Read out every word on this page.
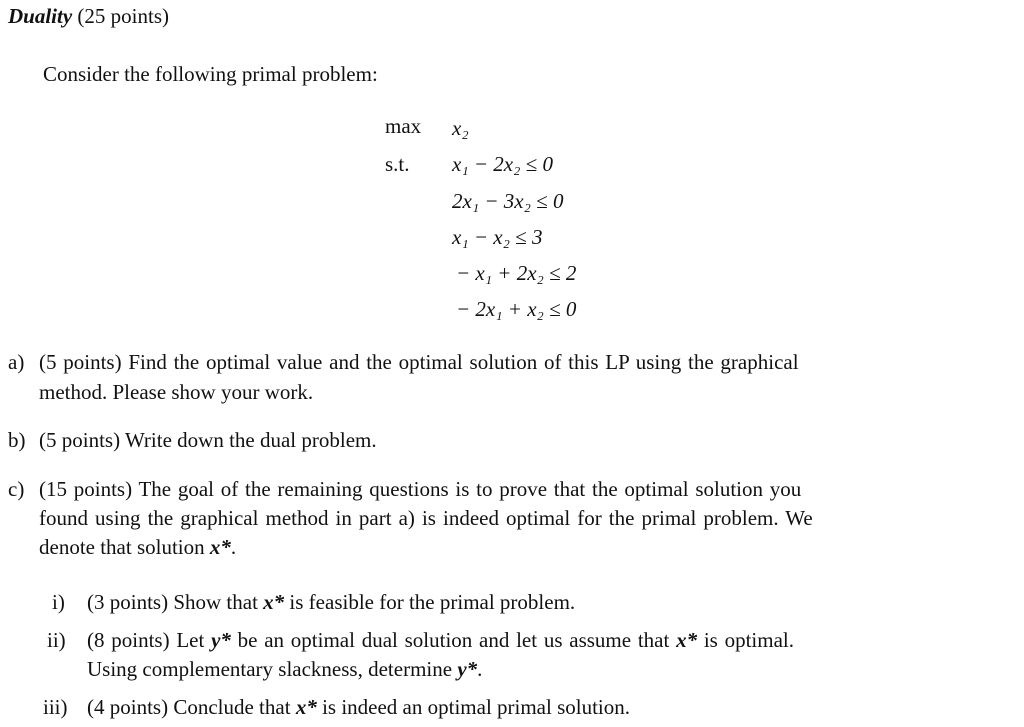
Duality (25 points)
Consider the following primal problem:
max x₂
s.t. x₁ − 2x₂ ≤ 0
2x₁ − 3x₂ ≤ 0
x₁ − x₂ ≤ 3
− x₁ + 2x₂ ≤ 2
− 2x₁ + x₂ ≤ 0
a) (5 points) Find the optimal value and the optimal solution of this LP using the graphical
method. Please show your work.
b) (5 points) Write down the dual problem.
c) (15 points) The goal of the remaining questions is to prove that the optimal solution you
found using the graphical method in part a) is indeed optimal for the primal problem. We
denote that solution x*.
i) (3 points) Show that x* is feasible for the primal problem.
ii) (8 points) Let y* be an optimal dual solution and let us assume that x* is optimal.
Using complementary slackness, determine y*.
iii) (4 points) Conclude that x* is indeed an optimal primal solution.
